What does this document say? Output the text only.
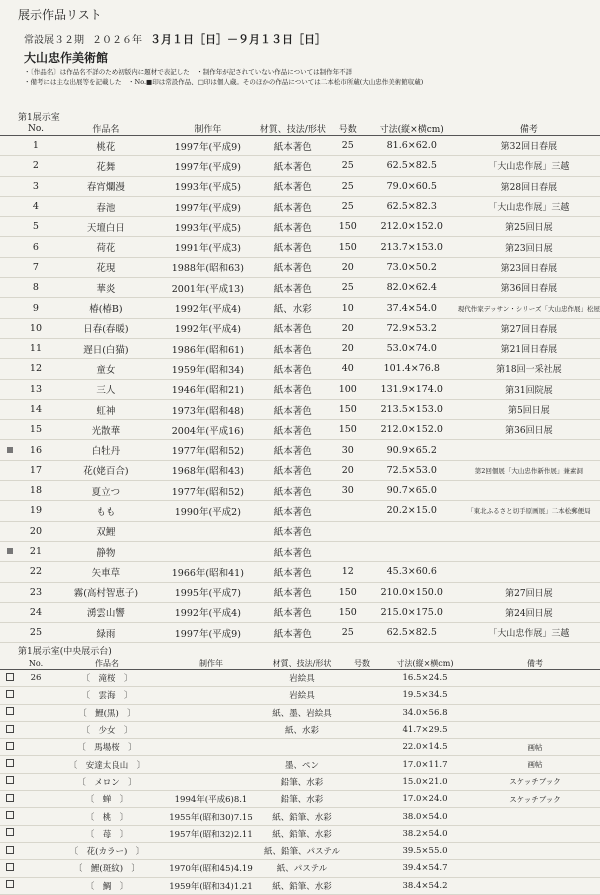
展示作品リスト
常設展３２期 ２０２６年 ３月１日［日］－９月１３日［日］
大山忠作美術館
・〔作品名〕は作品名不詳のため初版内に題材で表記した　・制作年が記されていない作品については制作年不詳
・備考には主な出展等を記載した　・No.■印は常設作品、□印は個人蔵。そのほかの作品については二本松市所蔵(大山忠作美術館収蔵)
第1展示室
	No.	作品名	制作年	材質、技法/形状	号数	寸法(縦×横cm)	備考
	1	桃花	1997年(平成9)	紙本著色	25	81.6×62.0	第32回日春展
	2	花舞	1997年(平成9)	紙本著色	25	62.5×82.5	「大山忠作展」三越
	3	春宵爛漫	1993年(平成5)	紙本著色	25	79.0×60.5	第28回日春展
	4	春池	1997年(平成9)	紙本著色	25	62.5×82.3	「大山忠作展」三越
	5	天壇白日	1993年(平成5)	紙本著色	150	212.0×152.0	第25回日展
	6	荷花	1991年(平成3)	紙本著色	150	213.7×153.0	第23回日展
	7	花現	1988年(昭和63)	紙本著色	20	73.0×50.2	第23回日春展
	8	華炎	2001年(平成13)	紙本著色	25	82.0×62.4	第36回日春展
	9	椿(椿B)	1992年(平成4)	紙、水彩	10	37.4×54.0	現代作家デッサン・シリーズ「大山忠作展」松屋
	10	日春(春暖)	1992年(平成4)	紙本著色	20	72.9×53.2	第27回日春展
	11	遅日(白猫)	1986年(昭和61)	紙本著色	20	53.0×74.0	第21回日春展
	12	童女	1959年(昭和34)	紙本著色	40	101.4×76.8	第18回一采社展
	13	三人	1946年(昭和21)	紙本著色	100	131.9×174.0	第31回院展
	14	虹神	1973年(昭和48)	紙本著色	150	213.5×153.0	第5回日展
	15	光散華	2004年(平成16)	紙本著色	150	212.0×152.0	第36回日展
	16	白牡丹	1977年(昭和52)	紙本著色	30	90.9×65.2	
	17	花(姥百合)	1968年(昭和43)	紙本著色	20	72.5×53.0	第2回個展「大山忠作新作展」兼素洞
	18	夏立つ	1977年(昭和52)	紙本著色	30	90.7×65.0	
	19	もも	1990年(平成2)	紙本著色		20.2×15.0	「東北ふるさと切手原画展」二本松郵便局
	20	双鯉		紙本著色			
	21	静物		紙本著色			
	22	矢車草	1966年(昭和41)	紙本著色	12	45.3×60.6	
	23	霧(高村智恵子)	1995年(平成7)	紙本著色	150	210.0×150.0	第27回日展
	24	湧雲山響	1992年(平成4)	紙本著色	150	215.0×175.0	第24回日展
	25	緑雨	1997年(平成9)	紙本著色	25	62.5×82.5	「大山忠作展」三越
第1展示室(中央展示台)
	No.	作品名	制作年	材質、技法/形状	号数	寸法(縦×横cm)	備考
	26	〔　滝桜　〕		岩絵具		16.5×24.5	
		〔　雲海　〕		岩絵具		19.5×34.5	
		〔　鯉(黒)　〕		紙、墨、岩絵具		34.0×56.8	
		〔　少女　〕		紙、水彩		41.7×29.5	
		〔　馬場桜　〕				22.0×14.5	画帖
		〔　安達太良山　〕		墨、ペン		17.0×11.7	画帖
		〔　メロン　〕		鉛筆、水彩		15.0×21.0	スケッチブック
		〔　蝉　〕	1994年(平成6)8.1	鉛筆、水彩		17.0×24.0	スケッチブック
		〔　桃　〕	1955年(昭和30)7.15	紙、鉛筆、水彩		38.0×54.0	
		〔　苺　〕	1957年(昭和32)2.11	紙、鉛筆、水彩		38.2×54.0	
		〔　花(カラー)　〕		紙、鉛筆、パステル		39.5×55.0	
		〔　鯉(斑紋)　〕	1970年(昭和45)4.19	紙、パステル		39.4×54.7	
		〔　鯛　〕	1959年(昭和34)1.21	紙、鉛筆、水彩		38.4×54.2	
